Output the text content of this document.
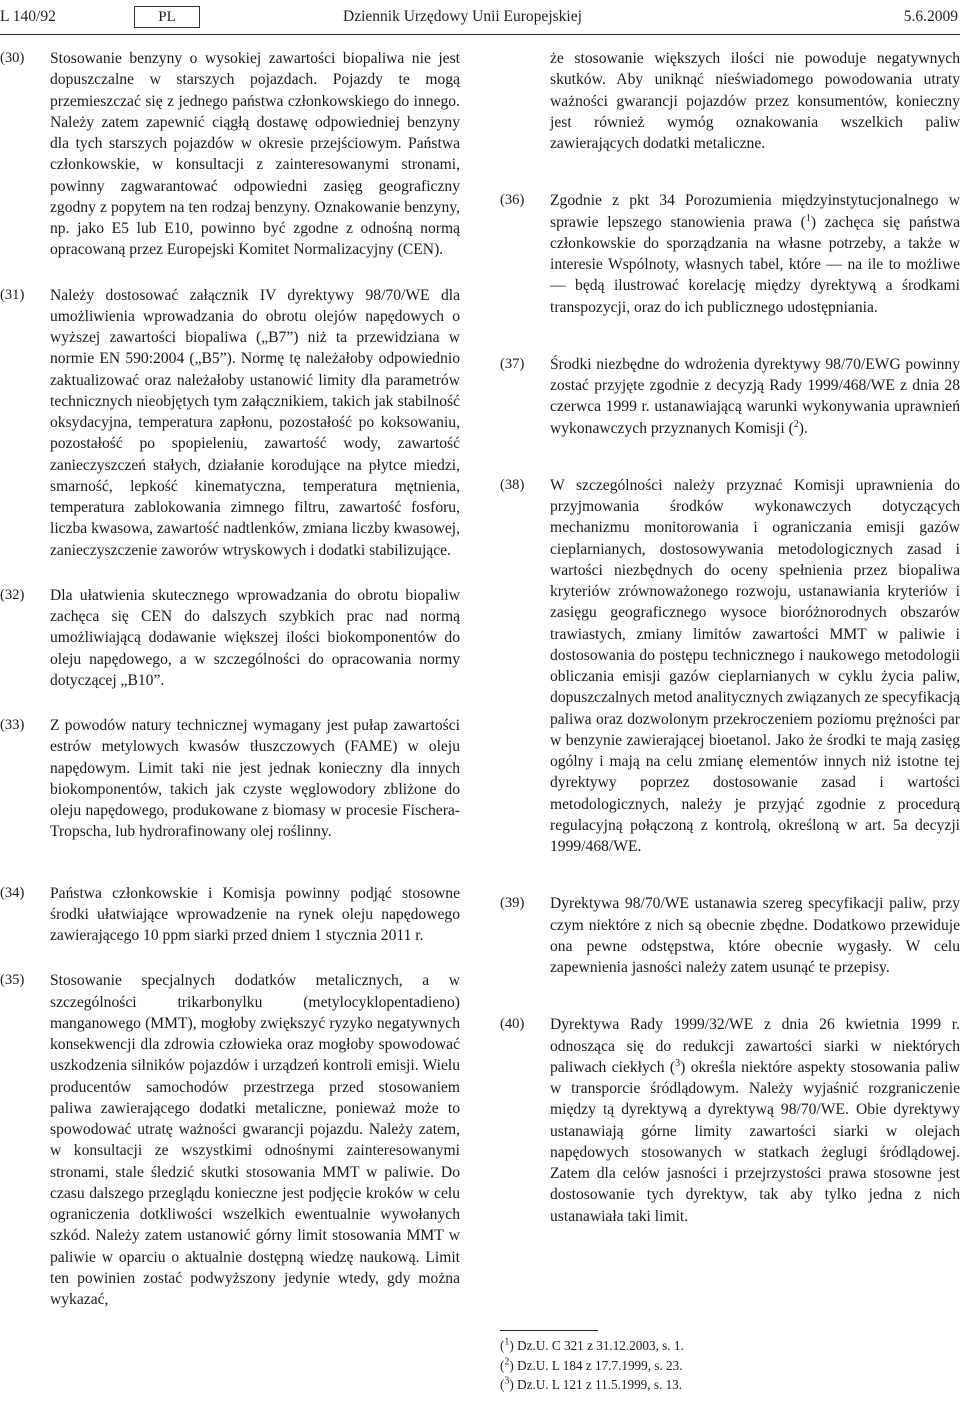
L 140/92	PL	Dziennik Urzędowy Unii Europejskiej	5.6.2009
(30)	Stosowanie benzyny o wysokiej zawartości biopaliwa nie jest dopuszczalne w starszych pojazdach. Pojazdy te mogą przemieszczać się z jednego państwa członkowskiego do innego. Należy zatem zapewnić ciągłą dostawę odpowiedniej benzyny dla tych starszych pojazdów w okresie przejściowym. Państwa członkowskie, w konsultacji z zainteresowanymi stronami, powinny zagwarantować odpowiedni zasięg geograficzny zgodny z popytem na ten rodzaj benzyny. Oznakowanie benzyny, np. jako E5 lub E10, powinno być zgodne z odnośną normą opracowaną przez Europejski Komitet Normalizacyjny (CEN).
(31)	Należy dostosować załącznik IV dyrektywy 98/70/WE dla umożliwienia wprowadzania do obrotu olejów napędowych o wyższej zawartości biopaliwa („B7”) niż ta przewidziana w normie EN 590:2004 („B5”). Normę tę należałoby odpowiednio zaktualizować oraz należałoby ustanowić limity dla parametrów technicznych nieobjętych tym załącznikiem, takich jak stabilność oksydacyjna, temperatura zapłonu, pozostałość po koksowaniu, pozostałość po spopieleniu, zawartość wody, zawartość zanieczyszczeń stałych, działanie korodujące na płytce miedzi, smarność, lepkość kinematyczna, temperatura mętnienia, temperatura zablokowania zimnego filtru, zawartość fosforu, liczba kwasowa, zawartość nadtlenków, zmiana liczby kwasowej, zanieczyszczenie zaworów wtryskowych i dodatki stabilizujące.
(32)	Dla ułatwienia skutecznego wprowadzania do obrotu biopaliw zachęca się CEN do dalszych szybkich prac nad normą umożliwiającą dodawanie większej ilości biokomponentów do oleju napędowego, a w szczególności do opracowania normy dotyczącej „B10”.
(33)	Z powodów natury technicznej wymagany jest pułap zawartości estrów metylowych kwasów tłuszczowych (FAME) w oleju napędowym. Limit taki nie jest jednak konieczny dla innych biokomponentów, takich jak czyste węglowodory zbliżone do oleju napędowego, produkowane z biomasy w procesie Fischera-Tropscha, lub hydrorafinowany olej roślinny.
(34)	Państwa członkowskie i Komisja powinny podjąć stosowne środki ułatwiające wprowadzenie na rynek oleju napędowego zawierającego 10 ppm siarki przed dniem 1 stycznia 2011 r.
(35)	Stosowanie specjalnych dodatków metalicznych, a w szczególności trikarbonylku (metylocyklopentadieno) manganowego (MMT), mogłoby zwiększyć ryzyko negatywnych konsekwencji dla zdrowia człowieka oraz mogłoby spowodować uszkodzenia silników pojazdów i urządzeń kontroli emisji. Wielu producentów samochodów przestrzega przed stosowaniem paliwa zawierającego dodatki metaliczne, ponieważ może to spowodować utratę ważności gwarancji pojazdu. Należy zatem, w konsultacji ze wszystkimi odnośnymi zainteresowanymi stronami, stale śledzić skutki stosowania MMT w paliwie. Do czasu dalszego przeglądu konieczne jest podjęcie kroków w celu ograniczenia dotkliwości wszelkich ewentualnie wywołanych szkód. Należy zatem ustanowić górny limit stosowania MMT w paliwie w oparciu o aktualnie dostępną wiedzę naukową. Limit ten powinien zostać podwyższony jedynie wtedy, gdy można wykazać,
że stosowanie większych ilości nie powoduje negatywnych skutków. Aby uniknąć nieświadomego powodowania utraty ważności gwarancji pojazdów przez konsumentów, konieczny jest również wymóg oznakowania wszelkich paliw zawierających dodatki metaliczne.
(36)	Zgodnie z pkt 34 Porozumienia międzyinstytucjonalnego w sprawie lepszego stanowienia prawa ($^1$) zachęca się państwa członkowskie do sporządzania na własne potrzeby, a także w interesie Wspólnoty, własnych tabel, które — na ile to możliwe — będą ilustrować korelację między dyrektywą a środkami transpozycji, oraz do ich publicznego udostępniania.
(37)	Środki niezbędne do wdrożenia dyrektywy 98/70/EWG powinny zostać przyjęte zgodnie z decyzją Rady 1999/468/WE z dnia 28 czerwca 1999 r. ustanawiającą warunki wykonywania uprawnień wykonawczych przyznanych Komisji ($^2$).
(38)	W szczególności należy przyznać Komisji uprawnienia do przyjmowania środków wykonawczych dotyczących mechanizmu monitorowania i ograniczania emisji gazów cieplarnianych, dostosowywania metodologicznych zasad i wartości niezbędnych do oceny spełnienia przez biopaliwa kryteriów zrównoważonego rozwoju, ustanawiania kryteriów i zasięgu geograficznego wysoce bioróżnorodnych obszarów trawiastych, zmiany limitów zawartości MMT w paliwie i dostosowania do postępu technicznego i naukowego metodologii obliczania emisji gazów cieplarnianych w cyklu życia paliw, dopuszczalnych metod analitycznych związanych ze specyfikacją paliwa oraz dozwolonym przekroczeniem poziomu prężności par w benzynie zawierającej bioetanol. Jako że środki te mają zasięg ogólny i mają na celu zmianę elementów innych niż istotne tej dyrektywy poprzez dostosowanie zasad i wartości metodologicznych, należy je przyjąć zgodnie z procedurą regulacyjną połączoną z kontrolą, określoną w art. 5a decyzji 1999/468/WE.
(39)	Dyrektywa 98/70/WE ustanawia szereg specyfikacji paliw, przy czym niektóre z nich są obecnie zbędne. Dodatkowo przewiduje ona pewne odstępstwa, które obecnie wygasły. W celu zapewnienia jasności należy zatem usunąć te przepisy.
(40)	Dyrektywa Rady 1999/32/WE z dnia 26 kwietnia 1999 r. odnosząca się do redukcji zawartości siarki w niektórych paliwach ciekłych ($^3$) określa niektóre aspekty stosowania paliw w transporcie śródlądowym. Należy wyjaśnić rozgraniczenie między tą dyrektywą a dyrektywą 98/70/WE. Obie dyrektywy ustanawiają górne limity zawartości siarki w olejach napędowych stosowanych w statkach żeglugi śródlądowej. Zatem dla celów jasności i przejrzystości prawa stosowne jest dostosowanie tych dyrektyw, tak aby tylko jedna z nich ustanawiała taki limit.
($^1$) Dz.U. C 321 z 31.12.2003, s. 1.
($^2$) Dz.U. L 184 z 17.7.1999, s. 23.
($^3$) Dz.U. L 121 z 11.5.1999, s. 13.
